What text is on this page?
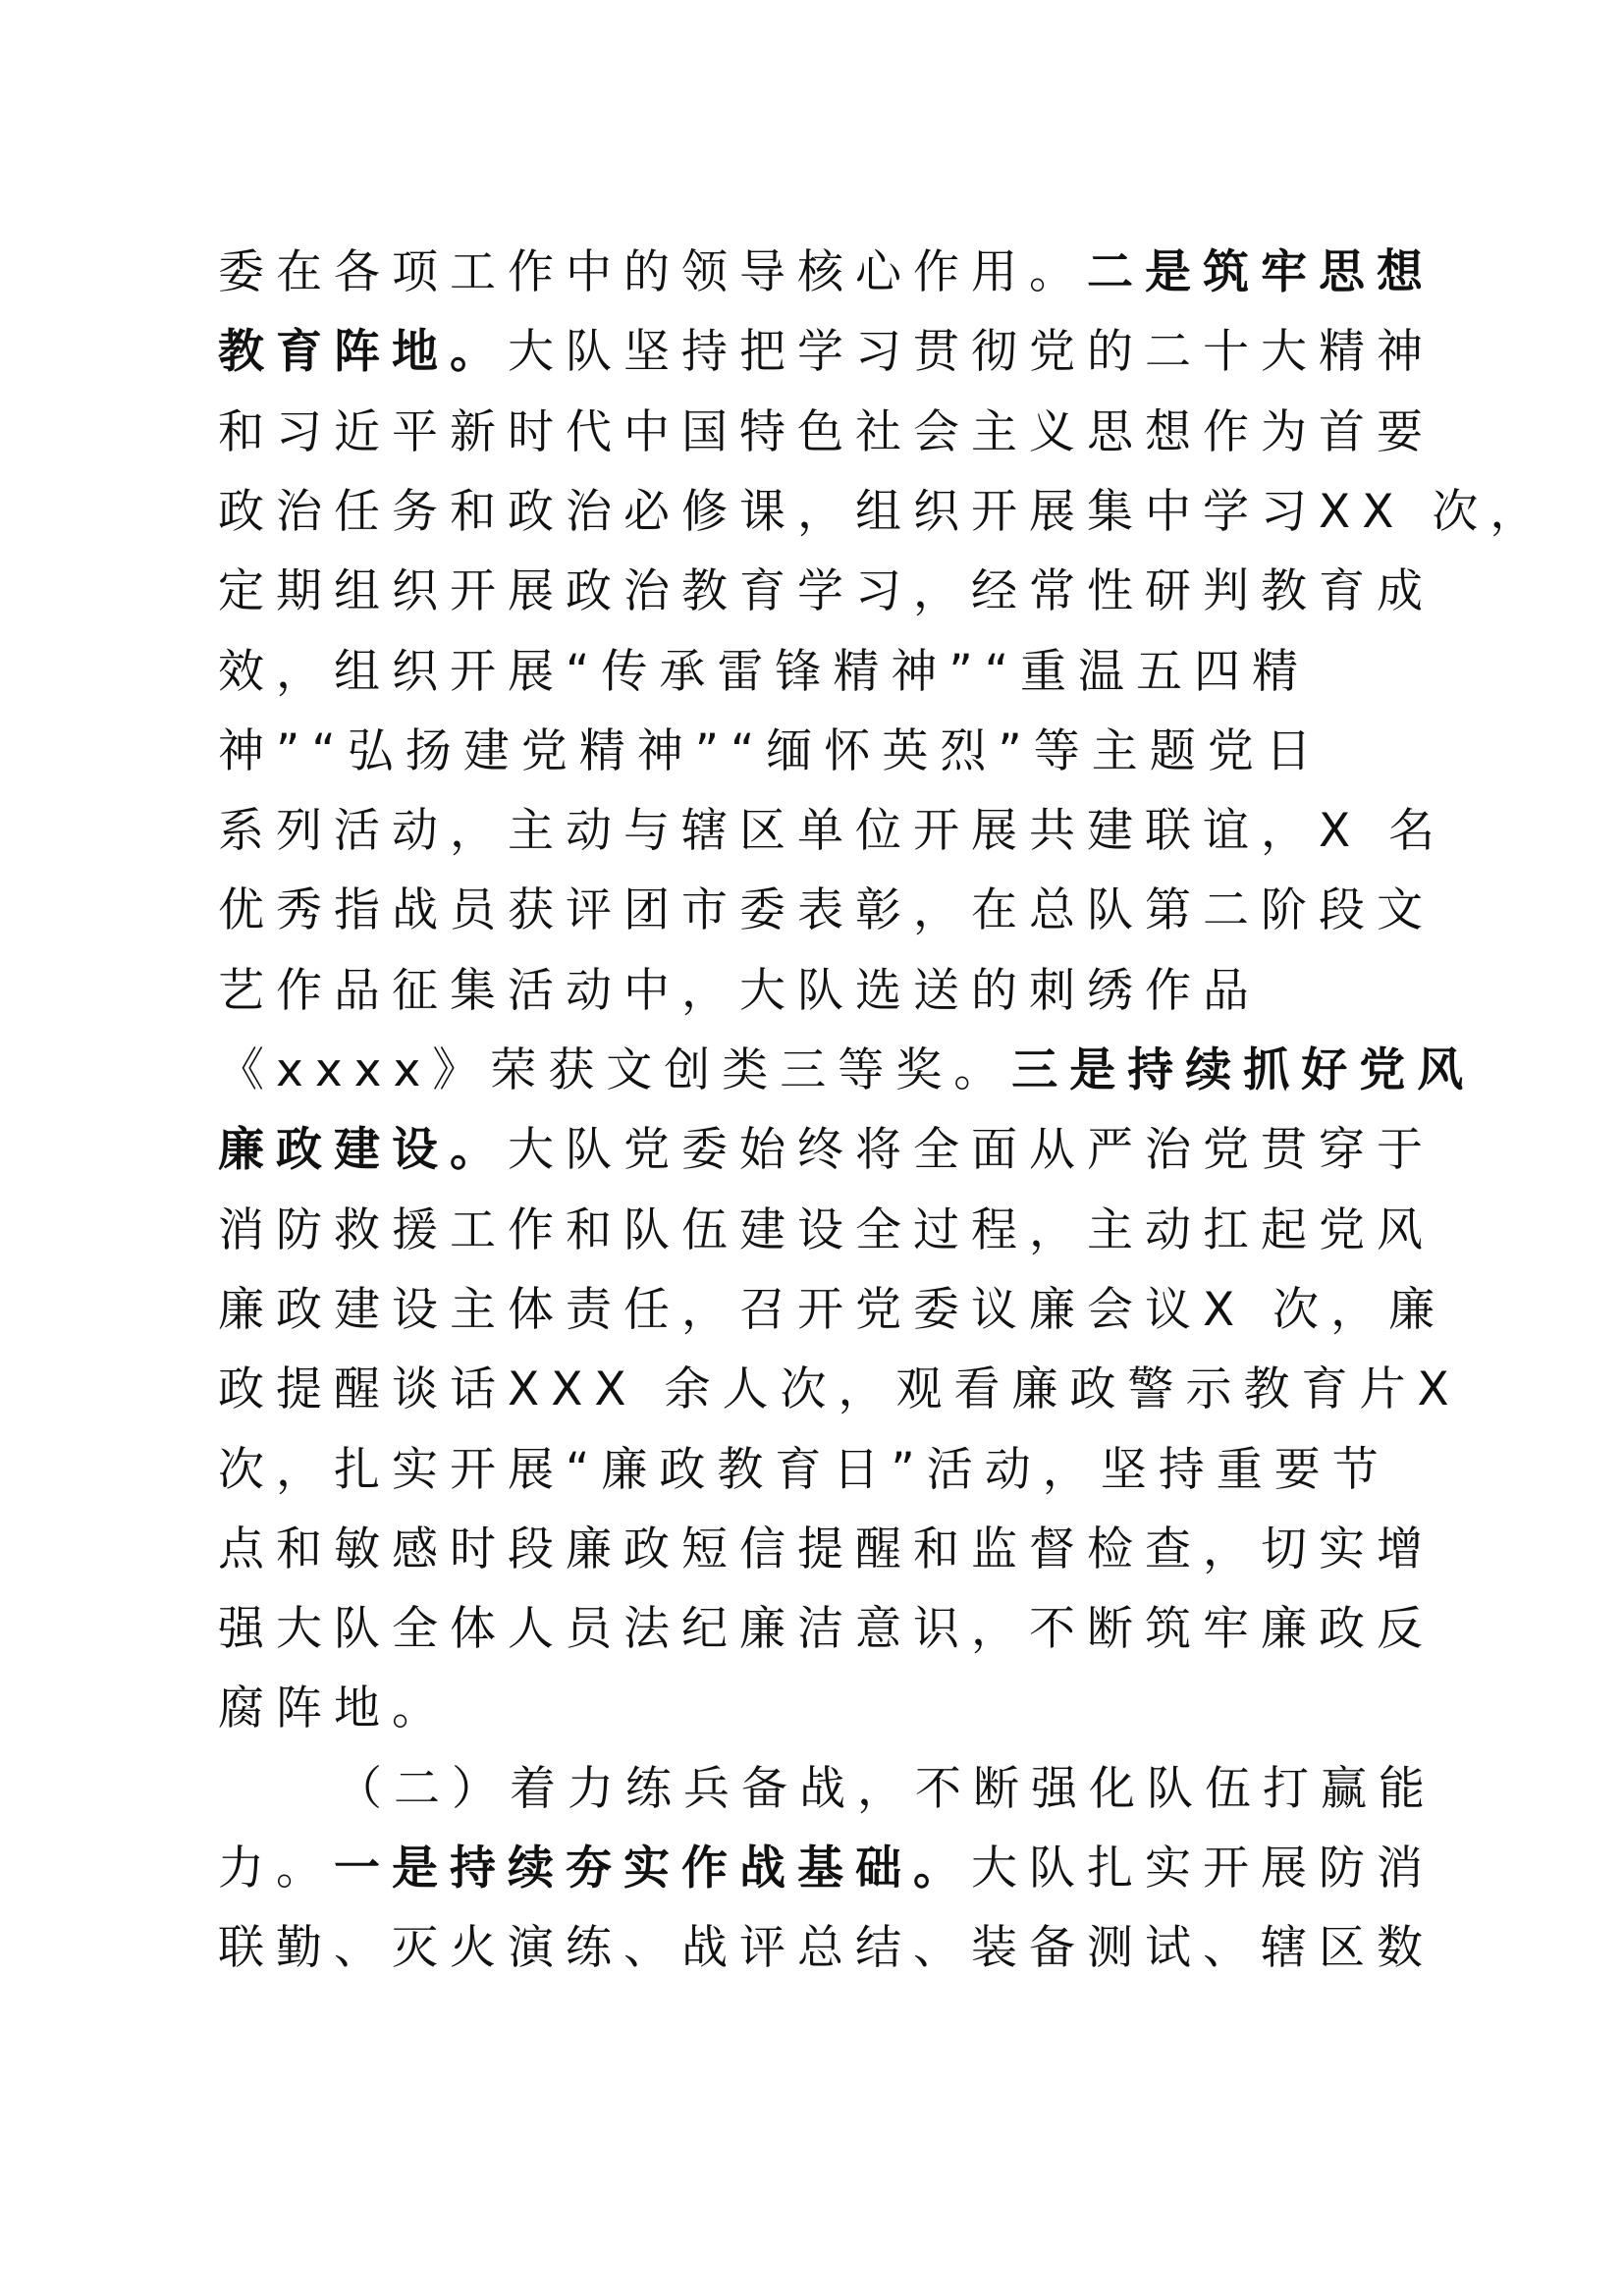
委在各项工作中的领导核心作用。二是筑牢思想
教育阵地。大队坚持把学习贯彻党的二十大精神
和习近平新时代中国特色社会主义思想作为首要
政治任务和政治必修课，组织开展集中学习XX 次，
定期组织开展政治教育学习，经常性研判教育成
效，组织开展“传承雷锋精神”“重温五四精
神”“弘扬建党精神”“缅怀英烈”等主题党日
系列活动，主动与辖区单位开展共建联谊，X 名
优秀指战员获评团市委表彰，在总队第二阶段文
艺作品征集活动中，大队选送的刺绣作品
《xxxx》荣获文创类三等奖。三是持续抓好党风
廉政建设。大队党委始终将全面从严治党贯穿于
消防救援工作和队伍建设全过程，主动扛起党风
廉政建设主体责任，召开党委议廉会议X 次，廉
政提醒谈话XXX 余人次，观看廉政警示教育片X
次，扎实开展“廉政教育日”活动，坚持重要节
点和敏感时段廉政短信提醒和监督检查，切实增
强大队全体人员法纪廉洁意识，不断筑牢廉政反
腐阵地。
（二）着力练兵备战，不断强化队伍打赢能
力。一是持续夯实作战基础。大队扎实开展防消
联勤、灭火演练、战评总结、装备测试、辖区数
